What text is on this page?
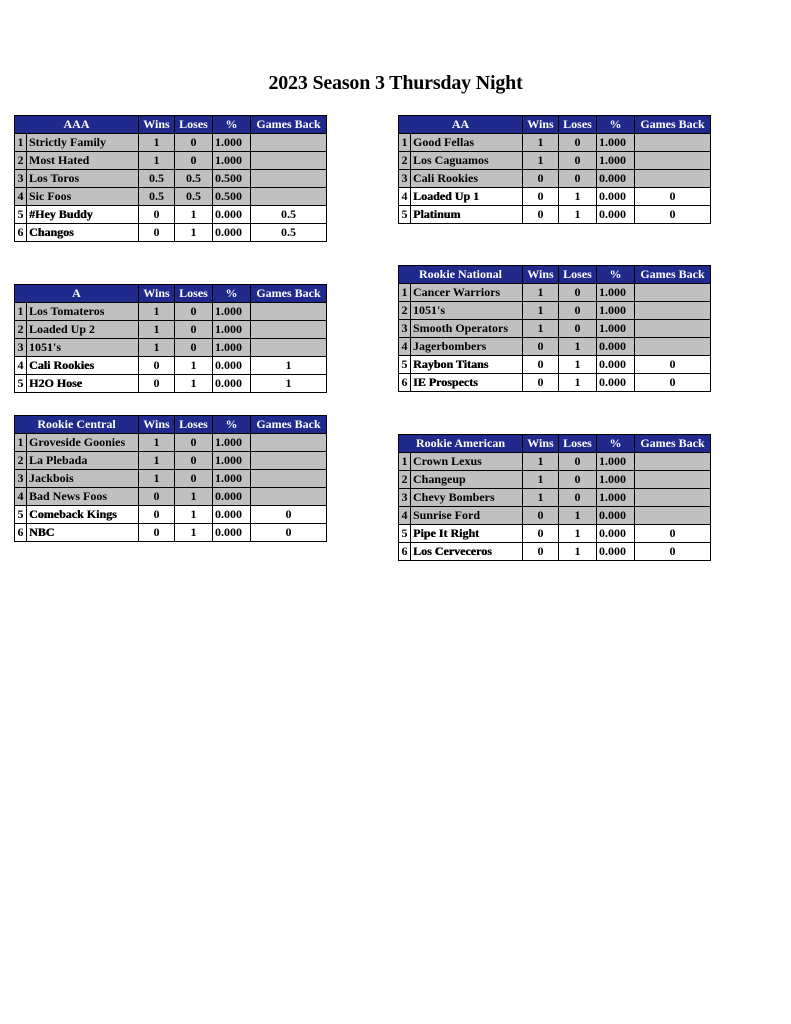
2023 Season 3 Thursday Night
AAA		Wins	Loses	%	Games Back
1	Strictly Family	1	0	1.000	
2	Most Hated	1	0	1.000	
3	Los Toros	0.5	0.5	0.500	
4	Sic Foos	0.5	0.5	0.500	
5	#Hey Buddy	0	1	0.000	0.5
6	Changos	0	1	0.000	0.5
AA		Wins	Loses	%	Games Back
1	Good Fellas	1	0	1.000	
2	Los Caguamos	1	0	1.000	
3	Cali Rookies	0	0	0.000	
4	Loaded Up 1	0	1	0.000	0
5	Platinum	0	1	0.000	0
A		Wins	Loses	%	Games Back
1	Los Tomateros	1	0	1.000	
2	Loaded Up 2	1	0	1.000	
3	1051's	1	0	1.000	
4	Cali Rookies	0	1	0.000	1
5	H2O Hose	0	1	0.000	1
Rookie National		Wins	Loses	%	Games Back
1	Cancer Warriors	1	0	1.000	
2	1051's	1	0	1.000	
3	Smooth Operators	1	0	1.000	
4	Jagerbombers	0	1	0.000	
5	Raybon Titans	0	1	0.000	0
6	IE Prospects	0	1	0.000	0
Rookie Central		Wins	Loses	%	Games Back
1	Groveside Goonies	1	0	1.000	
2	La Plebada	1	0	1.000	
3	Jackbois	1	0	1.000	
4	Bad News Foos	0	1	0.000	
5	Comeback Kings	0	1	0.000	0
6	NBC	0	1	0.000	0
Rookie American		Wins	Loses	%	Games Back
1	Crown Lexus	1	0	1.000	
2	Changeup	1	0	1.000	
3	Chevy Bombers	1	0	1.000	
4	Sunrise Ford	0	1	0.000	
5	Pipe It Right	0	1	0.000	0
6	Los Cerveceros	0	1	0.000	0
